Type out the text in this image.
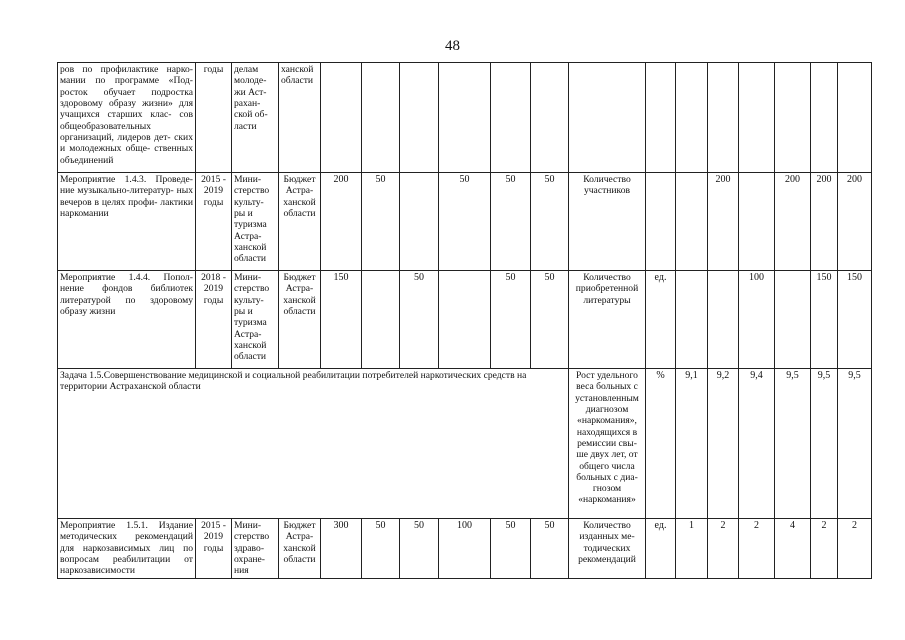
48
ров по профилактике нарко- мании по программе «Под- росток обучает подростка здоровому образу жизни» для учащихся старших клас- сов общеобразовательных организаций, лидеров дет- ских и молодежных обще- ственных объединений	годы	делам молоде- жи Аст- рахан- ской об- ласти	ханской области														
Мероприятие 1.4.3. Проведе- ние музыкально-литератур- ных вечеров в целях профи- лактики наркомании	2015 - 2019 годы	Мини- стерство культу- ры и туризма Астра- ханской области	Бюджет Астра- ханской области	200	50		50	50	50	Количество участников			200		200	200	200
Мероприятие 1.4.4. Попол- нение фондов библиотек литературой по здоровому образу жизни	2018 - 2019 годы	Мини- стерство культу- ры и туризма Астра- ханской области	Бюджет Астра- ханской области	150		50		50	50	Количество приобретенной литературы	ед.			100		150	150
Задача 1.5.Совершенствование медицинской и социальной реабилитации потребителей наркотических средств на территории Астраханской области										Рост удельного веса больных с установленным диагнозом «наркомания», находящихся в ремиссии свы- ше двух лет, от общего числа больных с диа- гнозом «наркомания»	%	9,1	9,2	9,4	9,5	9,5	9,5
Мероприятие 1.5.1. Издание методических рекомендаций для наркозависимых лиц по вопросам реабилитации от наркозависимости	2015 - 2019 годы	Мини- стерство здраво- охране- ния	Бюджет Астра- ханской области	300	50	50	100	50	50	Количество изданных ме- тодических рекомендаций	ед.	1	2	2	4	2	2
